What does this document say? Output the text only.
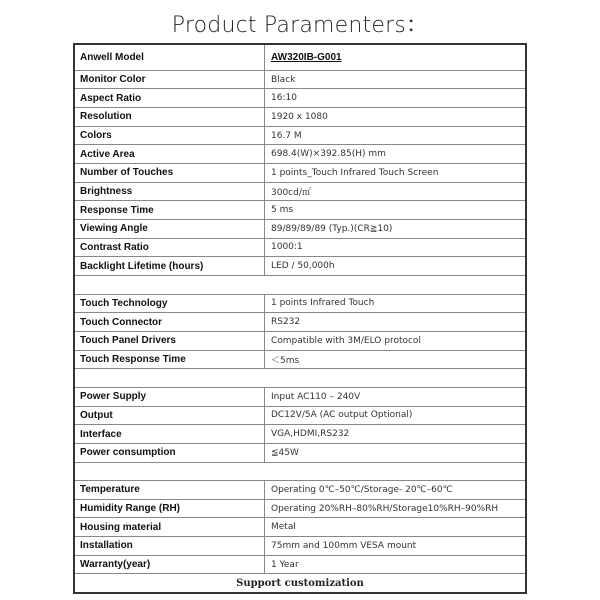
Product Paramenters：
Anwell Model	AW320IB-G001
Monitor Color	Black
Aspect Ratio	16:10
Resolution	1920 x 1080
Colors	16.7 M
Active Area	698.4(W)×392.85(H) mm
Number of Touches	1 points_Touch Infrared Touch Screen
Brightness	300cd/㎡
Response Time	5 ms
Viewing Angle	89/89/89/89 (Typ.)(CR≧10)
Contrast Ratio	1000:1
Backlight Lifetime (hours)	LED / 50,000h
Touch Technology	1 points Infrared Touch
Touch Connector	RS232
Touch Panel Drivers	Compatible with 3M/ELO protocol
Touch Response Time	＜5ms
Power Supply	Input AC110 – 240V
Output	DC12V/5A (AC output Optional)
Interface	VGA,HDMI,RS232
Power consumption	≦45W
Temperature	Operating 0℃–50℃/Storage- 20℃–60℃
Humidity Range (RH)	Operating 20%RH–80%RH/Storage10%RH–90%RH
Housing material	Metal
Installation	75mm and 100mm VESA mount
Warranty(year)	1 Year
Support customization
